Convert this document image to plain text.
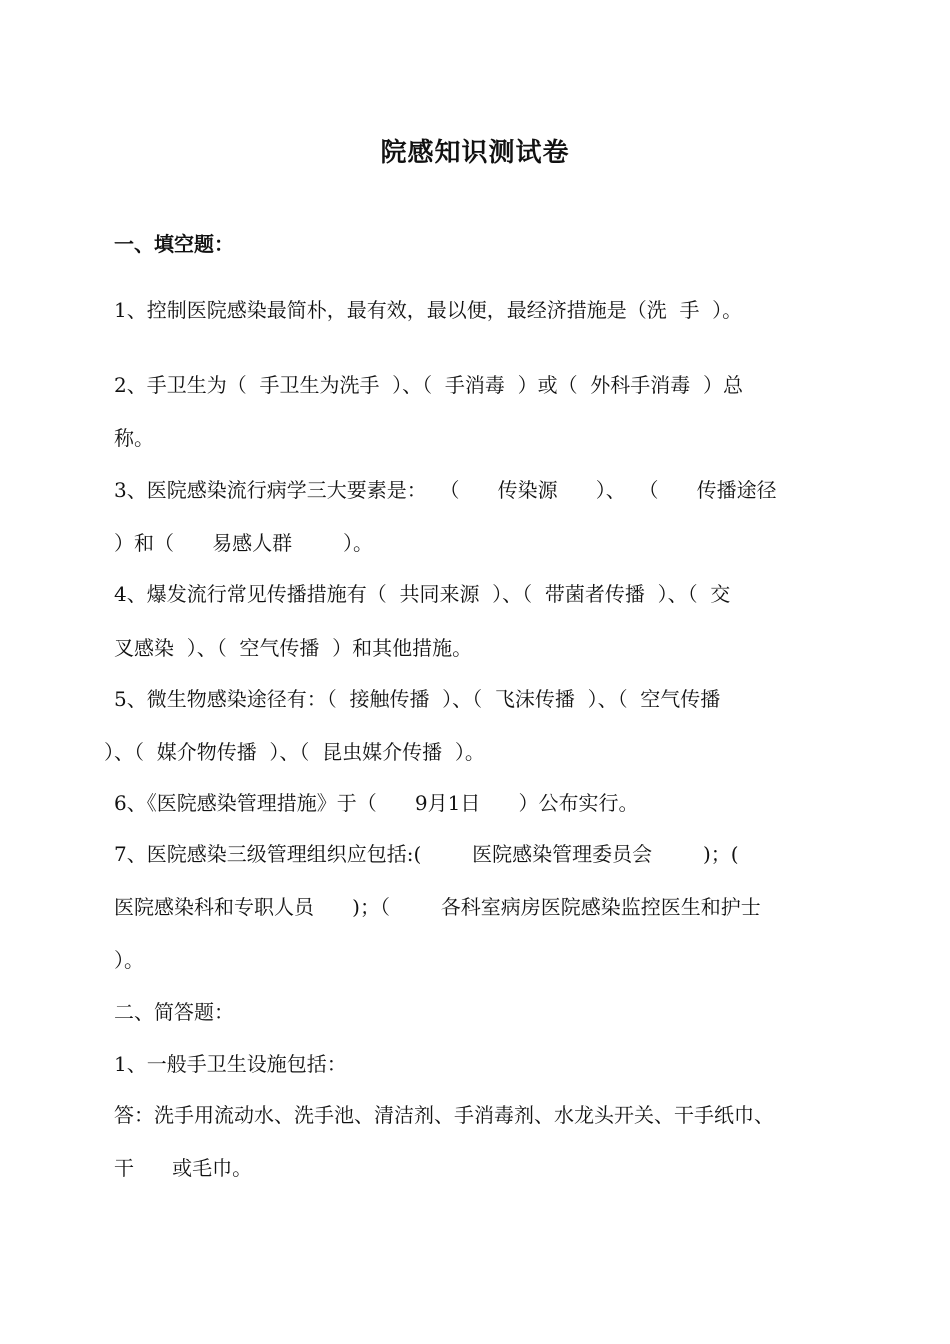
院感知识测试卷
一、填空题：
1、控制医院感染最简朴，最有效，最以便，最经济措施是（洗  手  ）。
2、手卫生为（  手卫生为洗手  ）、（  手消毒  ）或（  外科手消毒  ）总
称。
3、医院感染流行病学三大要素是：  （      传染源      ）、  （      传播途径
）和（      易感人群        ）。
4、爆发流行常见传播措施有（  共同来源  ）、（  带菌者传播  ）、（  交
叉感染  ）、（  空气传播  ）和其他措施。
5、微生物感染途径有：（  接触传播  ）、（  飞沫传播  ）、（  空气传播
）、（  媒介物传播  ）、（  昆虫媒介传播  ）。
6、《医院感染管理措施》于（      9月1日      ）公布实行。
7、医院感染三级管理组织应包括:(        医院感染管理委员会        )；(
医院感染科和专职人员      )；（        各科室病房医院感染监控医生和护士
）。
二、简答题：
1、一般手卫生设施包括：
答：洗手用流动水、洗手池、清洁剂、手消毒剂、水龙头开关、干手纸巾、
干      或毛巾。
